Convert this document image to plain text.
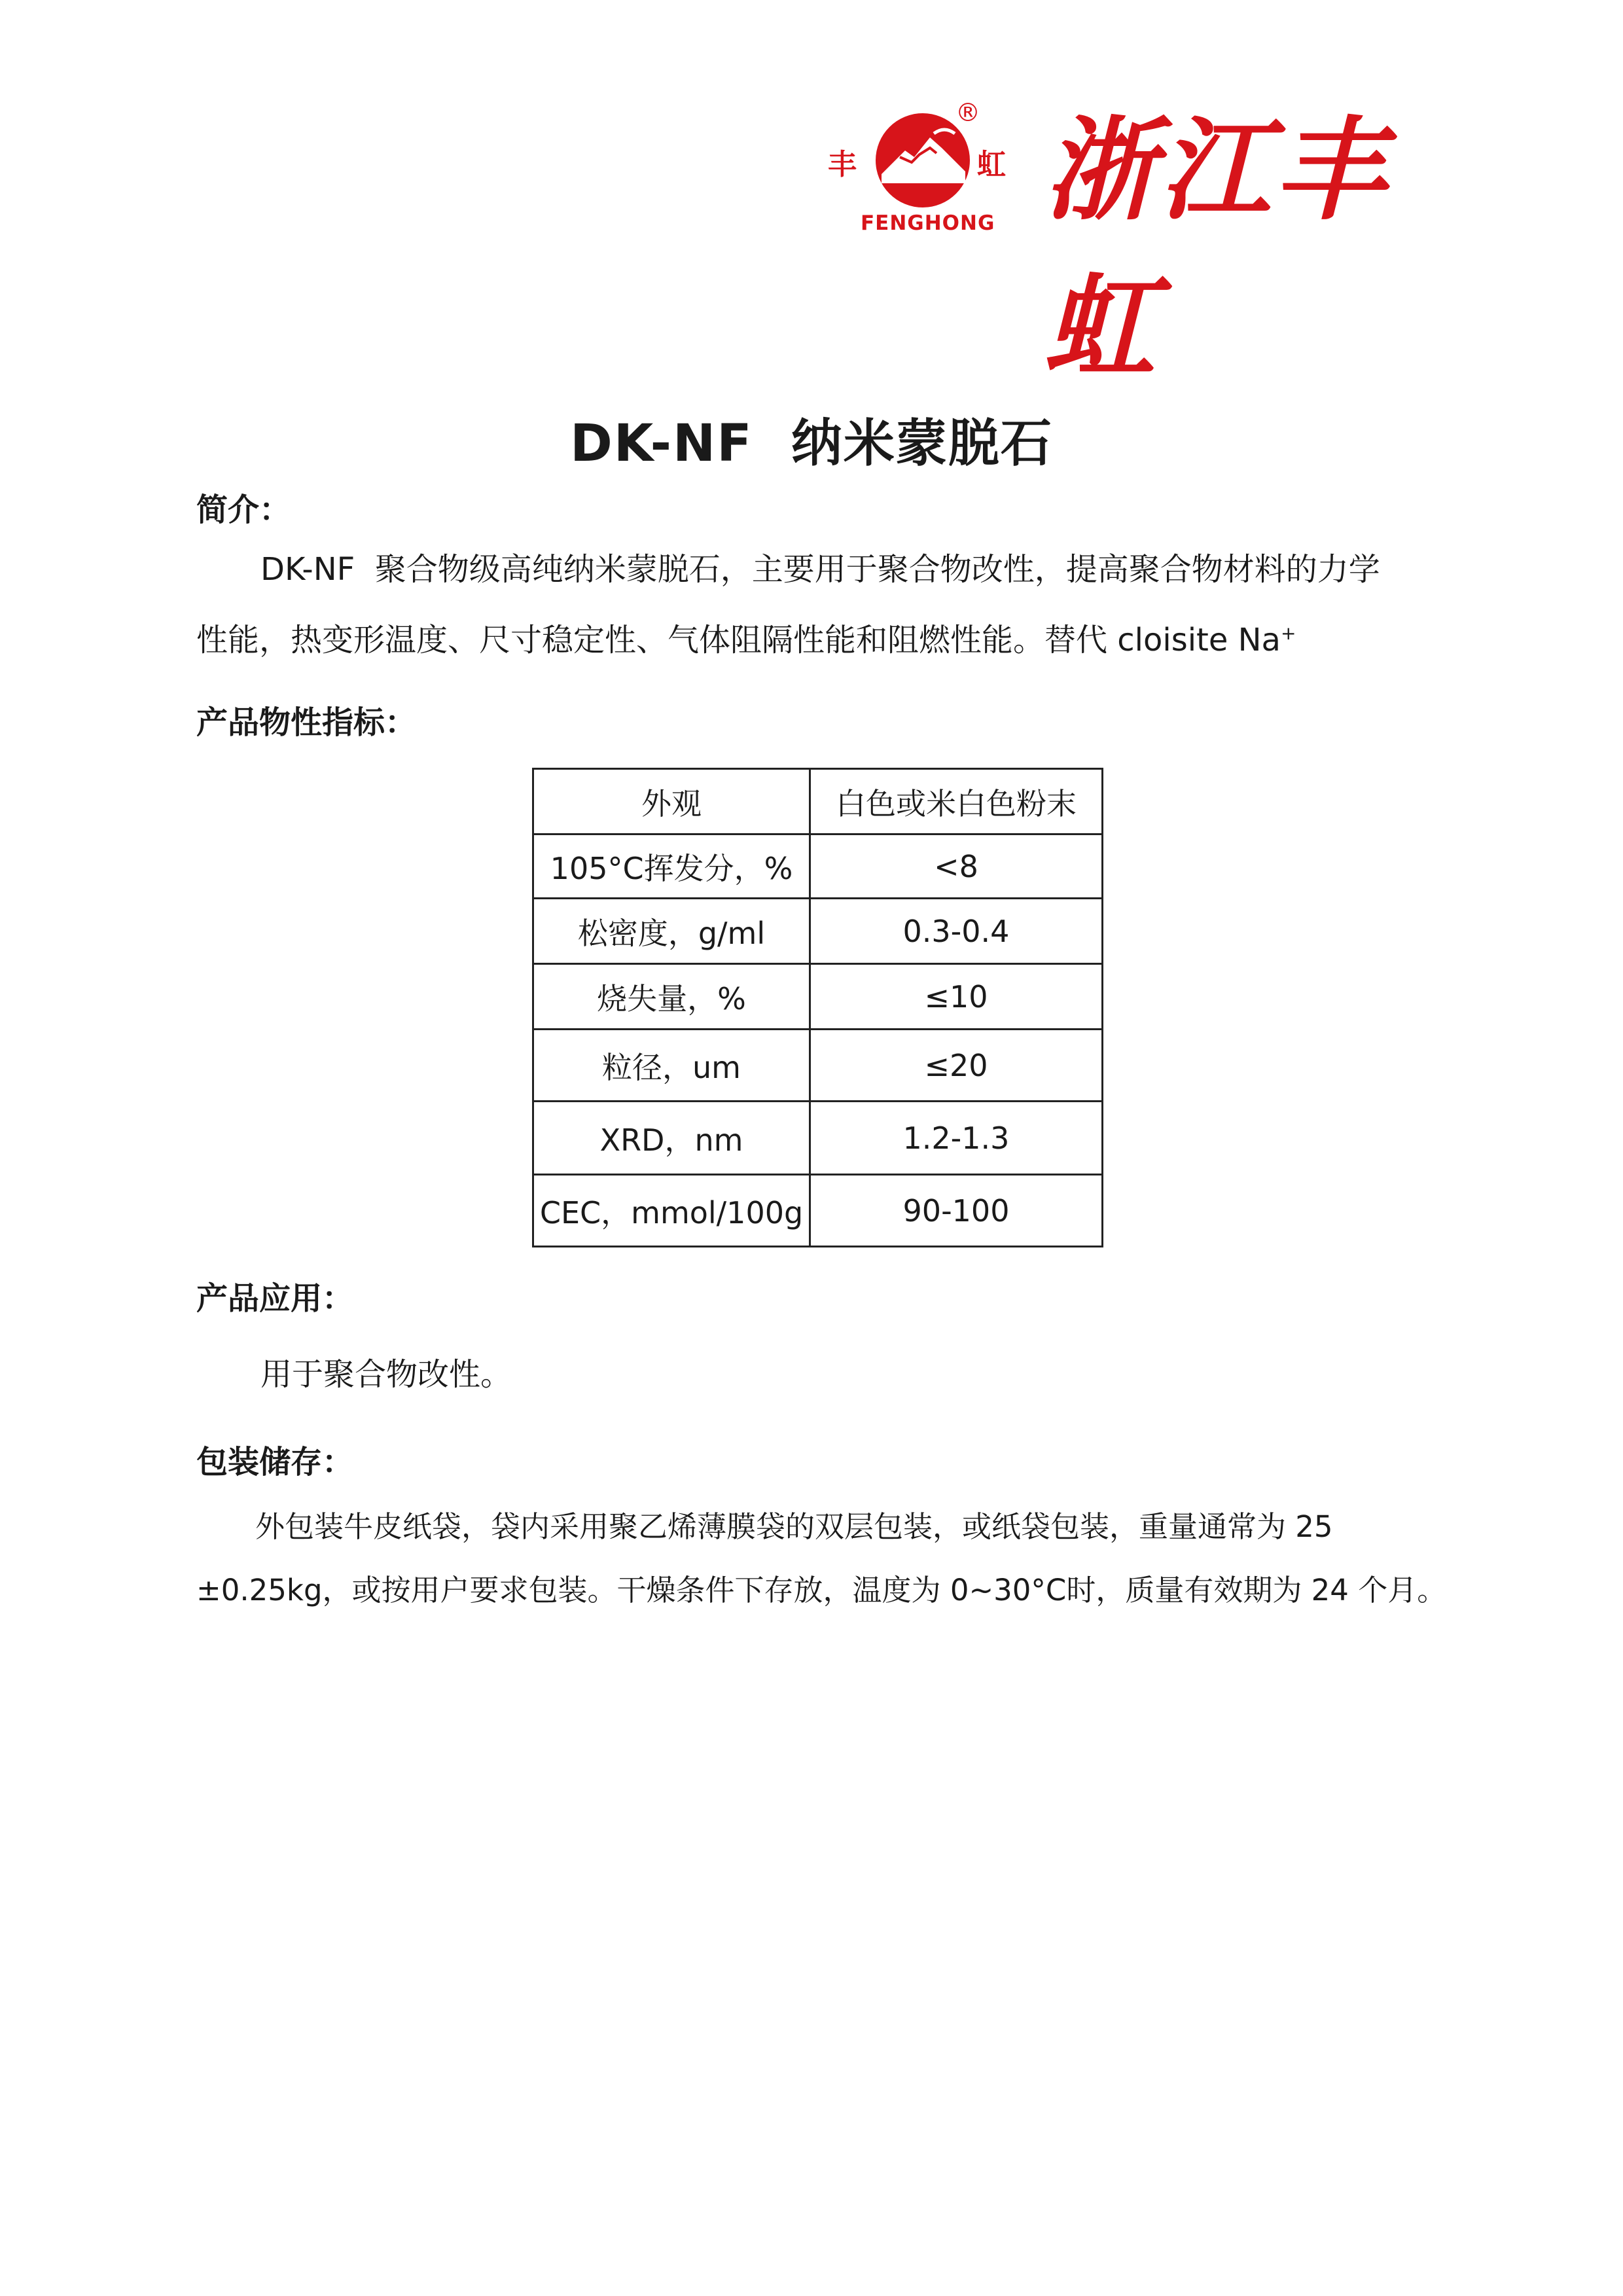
丰
®
虹
FENGHONG 浙江丰虹
DK-NF  纳米蒙脱石
简介：
DK-NF  聚合物级高纯纳米蒙脱石，主要用于聚合物改性，提高聚合物材料的力学
性能，热变形温度、尺寸稳定性、气体阻隔性能和阻燃性能。替代 cloisite Na+
产品物性指标：
外观	白色或米白色粉末
105°C挥发分，%	<8
松密度，g/ml	0.3-0.4
烧失量，%	≤10
粒径，um	≤20
XRD，nm	1.2-1.3
CEC，mmol/100g	90-100
产品应用：
用于聚合物改性。
包装储存：
外包装牛皮纸袋，袋内采用聚乙烯薄膜袋的双层包装，或纸袋包装，重量通常为 25
±0.25kg，或按用户要求包装。干燥条件下存放，温度为 0~30°C时，质量有效期为 24 个月。
